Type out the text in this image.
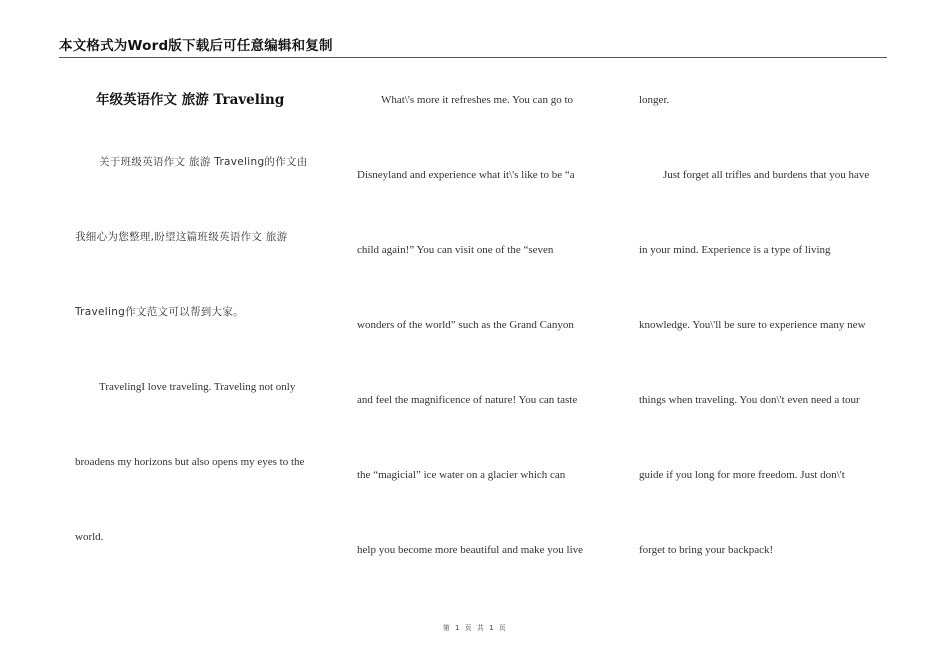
本文格式为Word版下载后可任意编辑和复制
年级英语作文 旅游 Traveling
关于班级英语作文 旅游 Traveling的作文由
我细心为您整理,盼望这篇班级英语作文 旅游
Traveling作文范文可以帮到大家。
TravelingI love traveling. Traveling not only
broadens my horizons but also opens my eyes to the
world.
What\'s more it refreshes me. You can go to
Disneyland and experience what it\'s like to be “a
child again!” You can visit one of the “seven
wonders of the world” such as the Grand Canyon
and feel the magnificence of nature! You can taste
the “magicial” ice water on a glacier which can
help you become more beautiful and make you live
longer.
Just forget all trifles and burdens that you have
in your mind. Experience is a type of living
knowledge. You\'ll be sure to experience many new
things when traveling. You don\'t even need a tour
guide if you long for more freedom. Just don\'t
forget to bring your backpack!
第 1 页 共 1 页
